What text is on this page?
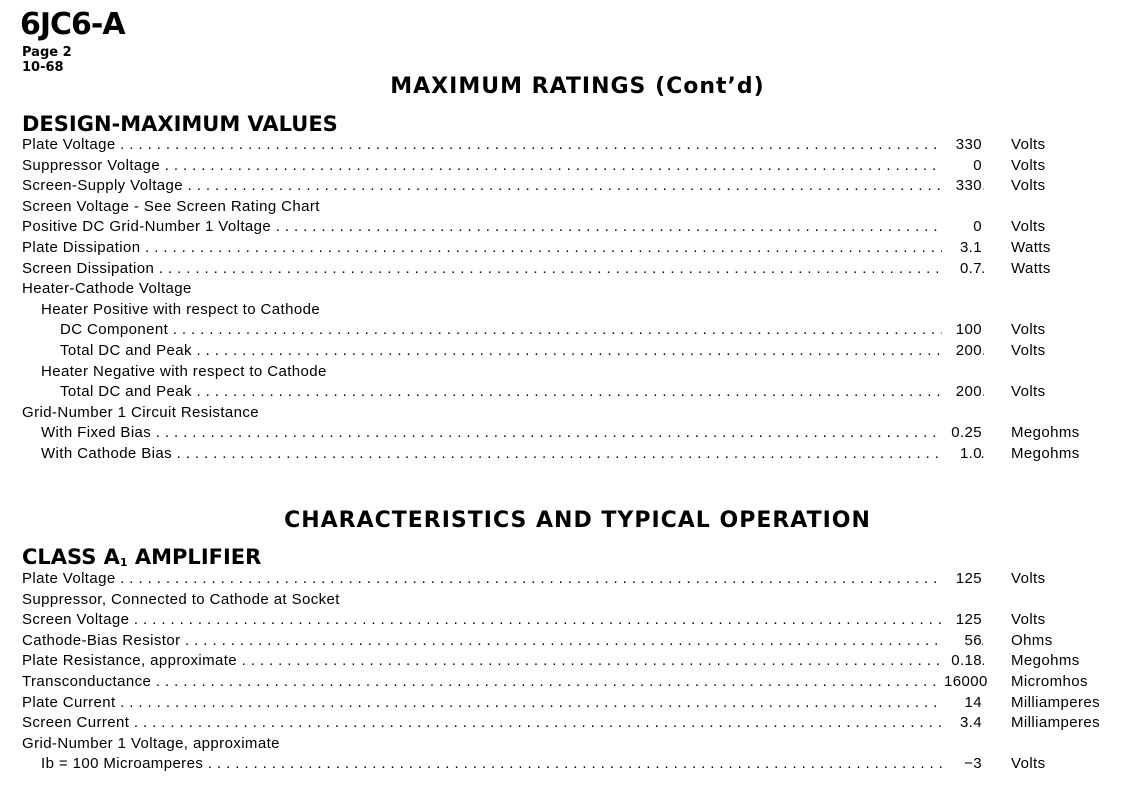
6JC6-A
Page 2
10-68
MAXIMUM RATINGS (Cont’d)
DESIGN-MAXIMUM VALUES
Plate Voltage . . .	330 Volts
Suppressor Voltage . . .	0 Volts
Screen-Supply Voltage . . .	330 Volts
Screen Voltage - See Screen Rating Chart
Positive DC Grid-Number 1 Voltage . . .	0 Volts
Plate Dissipation . . .	3.1 Watts
Screen Dissipation . . .	0.7 Watts
Heater-Cathode Voltage
Heater Positive with respect to Cathode
DC Component . . .	100 Volts
Total DC and Peak . . .	200 Volts
Heater Negative with respect to Cathode
Total DC and Peak . . .	200 Volts
Grid-Number 1 Circuit Resistance
With Fixed Bias . . .	0.25 Megohms
With Cathode Bias . . .	1.0 Megohms
CHARACTERISTICS AND TYPICAL OPERATION
CLASS $A_1$ AMPLIFIER
Plate Voltage . . .	125 Volts
Suppressor, Connected to Cathode at Socket
Screen Voltage . . .	125 Volts
Cathode-Bias Resistor . . .	56 Ohms
Plate Resistance, approximate . . .	0.18 Megohms
Transconductance . . .	16000 Micromhos
Plate Current . . .	14 Milliamperes
Screen Current . . .	3.4 Milliamperes
Grid-Number 1 Voltage, approximate
Ib = 100 Microamperes . . .	−3 Volts
